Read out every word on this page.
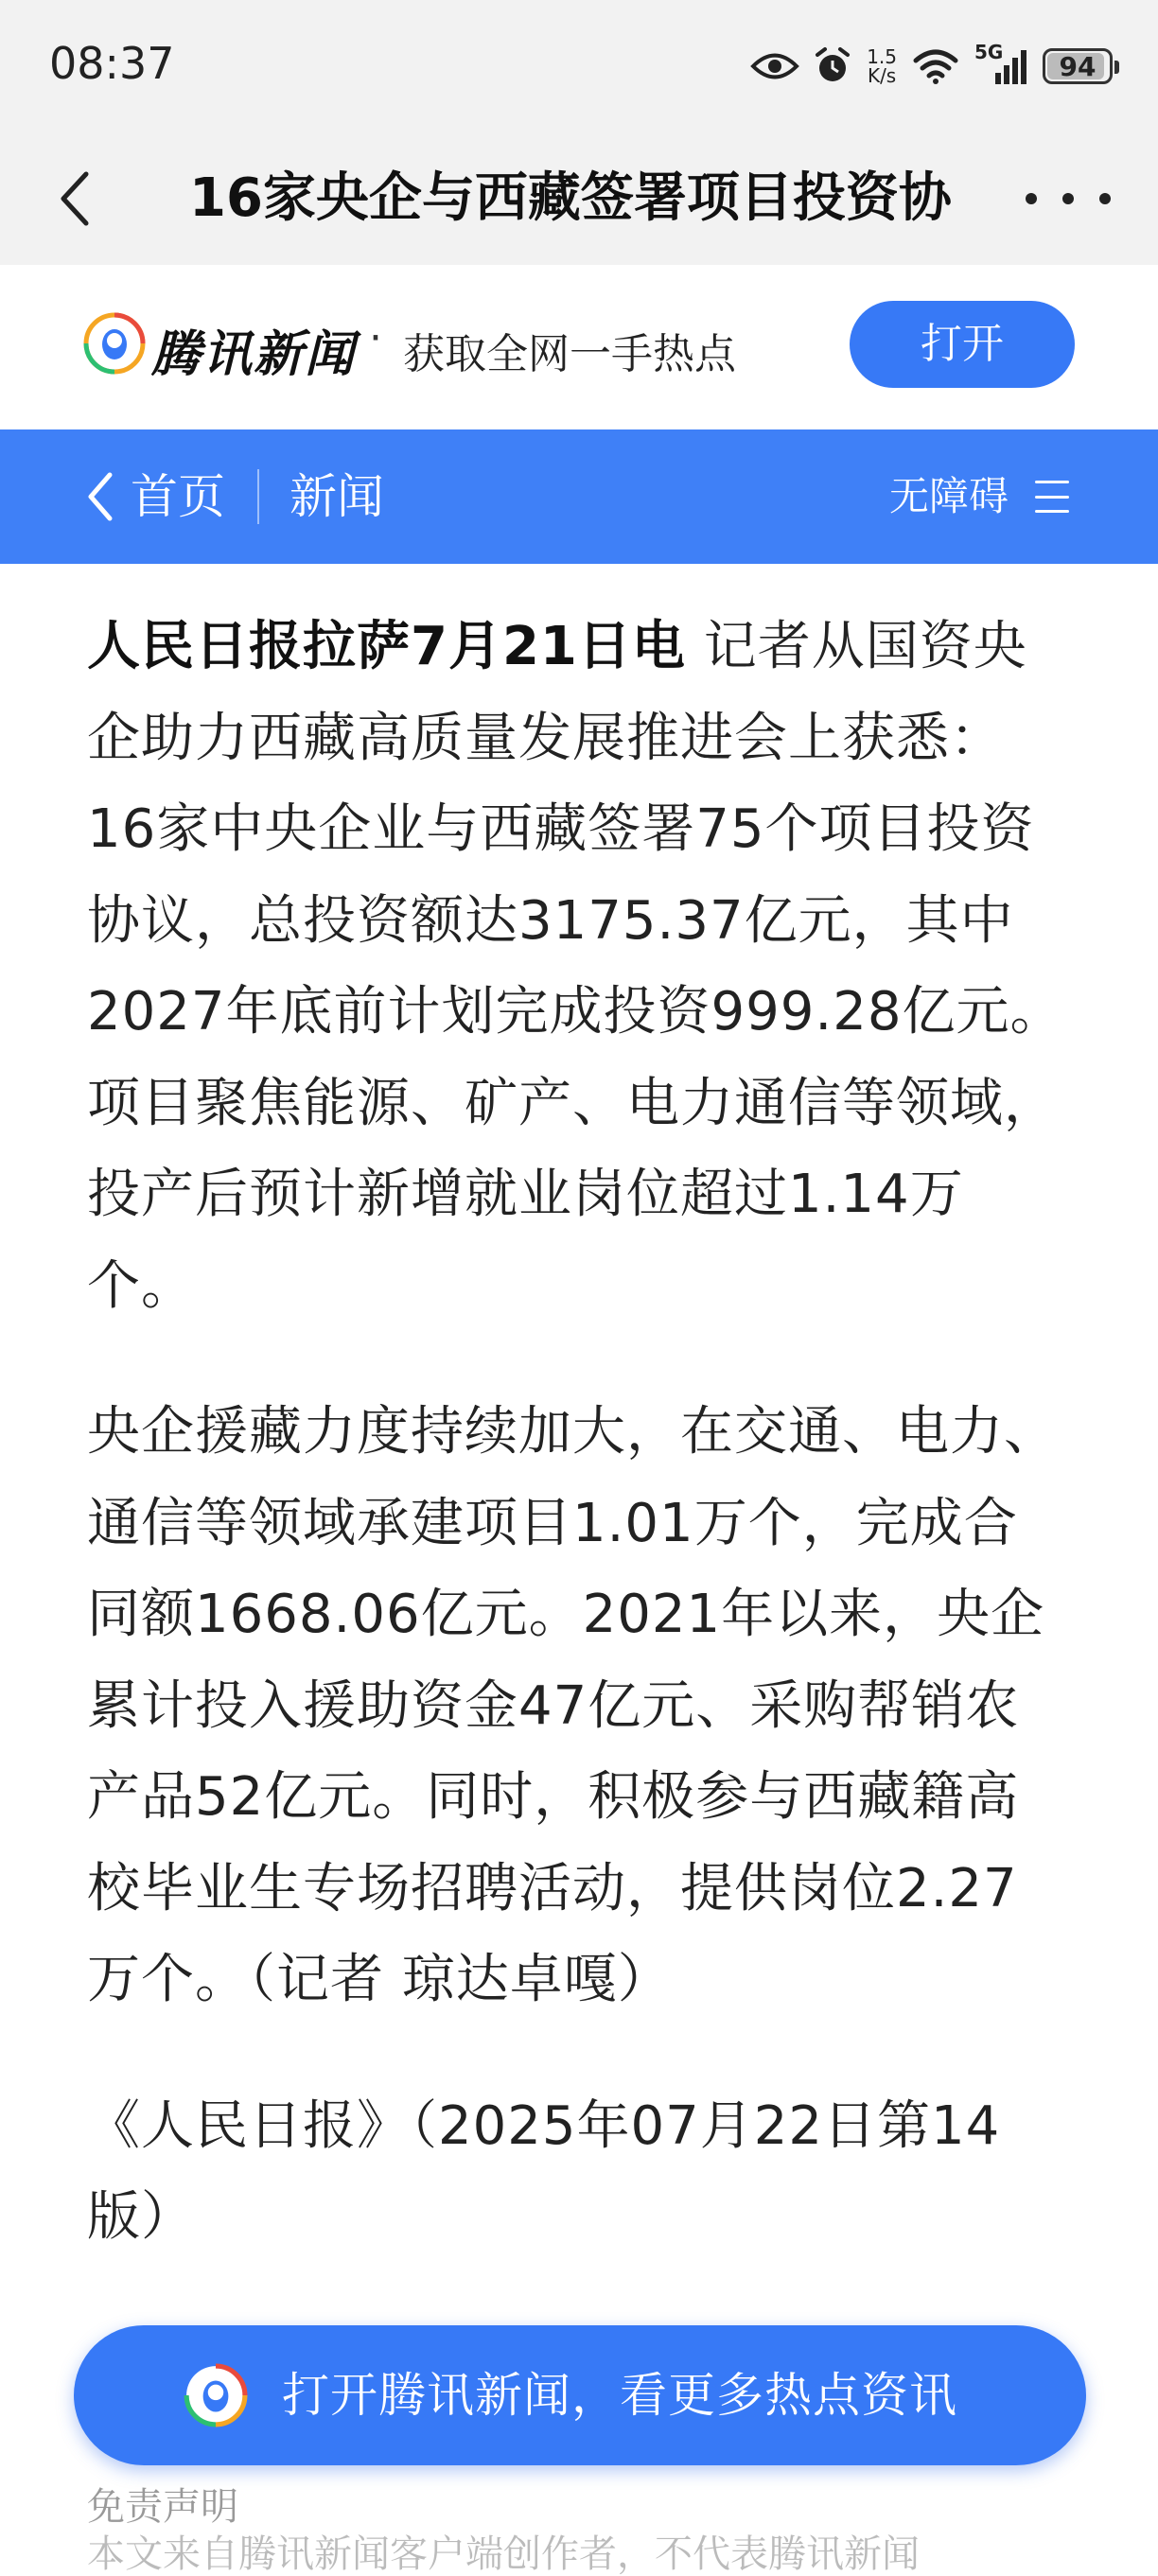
08:37	1.5
K/s
5G 94
16家央企与西藏签署项目投资协
腾讯新闻 · 获取全网一手热点	打开
首页 新闻	无障碍

人民日报拉萨7月21日电 记者从国资央企助力西藏高质量发展推进会上获悉：16家中央企业与西藏签署75个项目投资协议，总投资额达3175.37亿元，其中2027年底前计划完成投资999.28亿元。项目聚焦能源、矿产、电力通信等领域，投产后预计新增就业岗位超过1.14万个。

央企援藏力度持续加大，在交通、电力、通信等领域承建项目1.01万个，完成合同额1668.06亿元。2021年以来，央企累计投入援助资金47亿元、采购帮销农产品52亿元。同时，积极参与西藏籍高校毕业生专场招聘活动，提供岗位2.27万个。（记者 琼达卓嘎）

《人民日报》（2025年07月22日第14版）

打开腾讯新闻，看更多热点资讯
免责声明
本文来自腾讯新闻客户端创作者，不代表腾讯新闻
